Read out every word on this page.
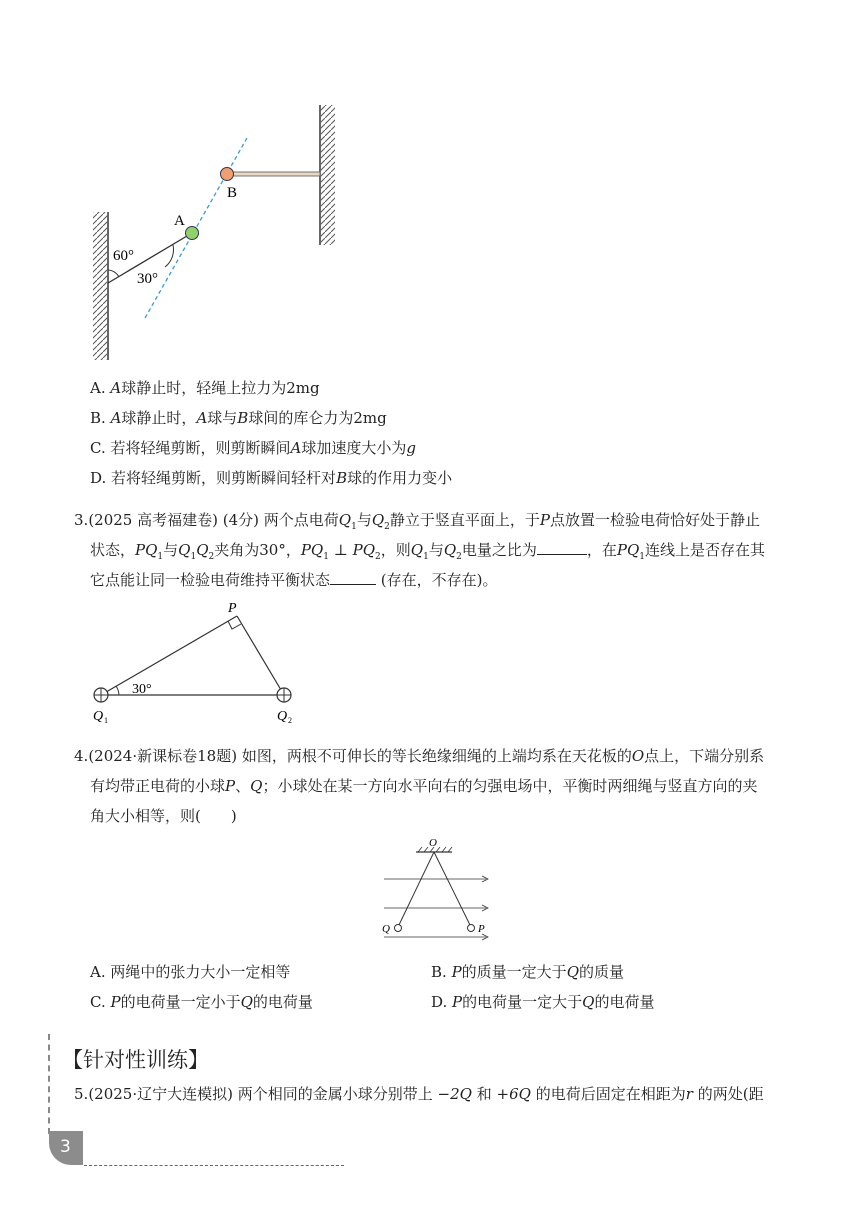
A
B
60°
30°
A. A球静止时，轻绳上拉力为2mg
B. A球静止时，A球与B球间的库仑力为2mg
C. 若将轻绳剪断，则剪断瞬间A球加速度大小为g
D. 若将轻绳剪断，则剪断瞬间轻杆对B球的作用力变小
3.(2025 高考福建卷) (4分) 两个点电荷$Q_1$与$Q_2$静立于竖直平面上，于P点放置一检验电荷恰好处于静止
状态，$PQ_1$与$Q_1Q_2$夹角为30°，$PQ_1$ ⊥ $PQ_2$，则$Q_1$与$Q_2$电量之比为	，在$PQ_1$连线上是否存在其
它点能让同一检验电荷维持平衡状态	(存在，不存在)。
P
30°
Q 1	Q 2
4.(2024·新课标卷18题) 如图，两根不可伸长的等长绝缘细绳的上端均系在天花板的O点上，下端分别系
有均带正电荷的小球P、Q；小球处在某一方向水平向右的匀强电场中，平衡时两细绳与竖直方向的夹
角大小相等，则(　　)
O
Q	P
A. 两绳中的张力大小一定相等	B. P的质量一定大于Q的质量
C. P的电荷量一定小于Q的电荷量	D. P的电荷量一定大于Q的电荷量
【针对性训练】
5.(2025·辽宁大连模拟) 两个相同的金属小球分别带上 −2Q 和 +6Q 的电荷后固定在相距为r 的两处(距
3
